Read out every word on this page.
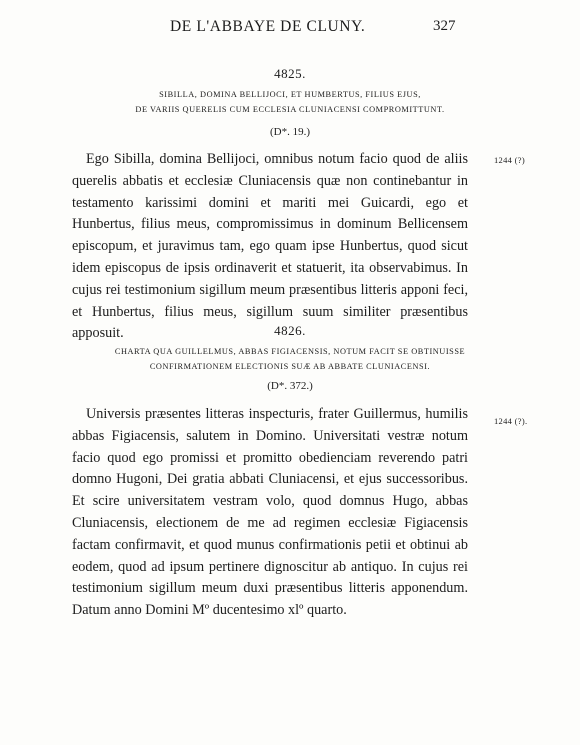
DE L'ABBAYE DE CLUNY.	327
4825.
SIBILLA, DOMINA BELLIJOCI, ET HUMBERTUS, FILIUS EJUS,
DE VARIIS QUERELIS CUM ECCLESIA CLUNIACENSI COMPROMITTUNT.
(D*. 19.)
1244 (?)

Ego Sibilla, domina Bellijoci, omnibus notum facio quod de aliis querelis abbatis et ecclesiæ Cluniacensis quæ non continebantur in testamento karissimi domini et mariti mei Guicardi, ego et Hunbertus, filius meus, compromissimus in dominum Bellicensem episcopum, et juravimus tam, ego quam ipse Hunbertus, quod sicut idem episcopus de ipsis ordinaverit et statuerit, ita observabimus. In cujus rei testimonium sigillum meum præsentibus litteris apponi feci, et Hunbertus, filius meus, sigillum suum similiter præsentibus apposuit.	4826.
CHARTA QUA GUILLELMUS, ABBAS FIGIACENSIS, NOTUM FACIT SE OBTINUISSE
CONFIRMATIONEM ELECTIONIS SUÆ AB ABBATE CLUNIACENSI.
(D*. 372.)
1244 (?).

Universis præsentes litteras inspecturis, frater Guillermus, humilis abbas Figiacensis, salutem in Domino. Universitati vestræ notum facio quod ego promissi et promitto obedienciam reverendo patri domno Hugoni, Dei gratia abbati Cluniacensi, et ejus successoribus. Et scire universitatem vestram volo, quod domnus Hugo, abbas Cluniacensis, electionem de me ad regimen ecclesiæ Figiacensis factam confirmavit, et quod munus confirmationis petii et obtinui ab eodem, quod ad ipsum pertinere dignoscitur ab antiquo. In cujus rei testimonium sigillum meum duxi præsentibus litteris apponendum. Datum anno Domini Mº ducentesimo xlº quarto.
